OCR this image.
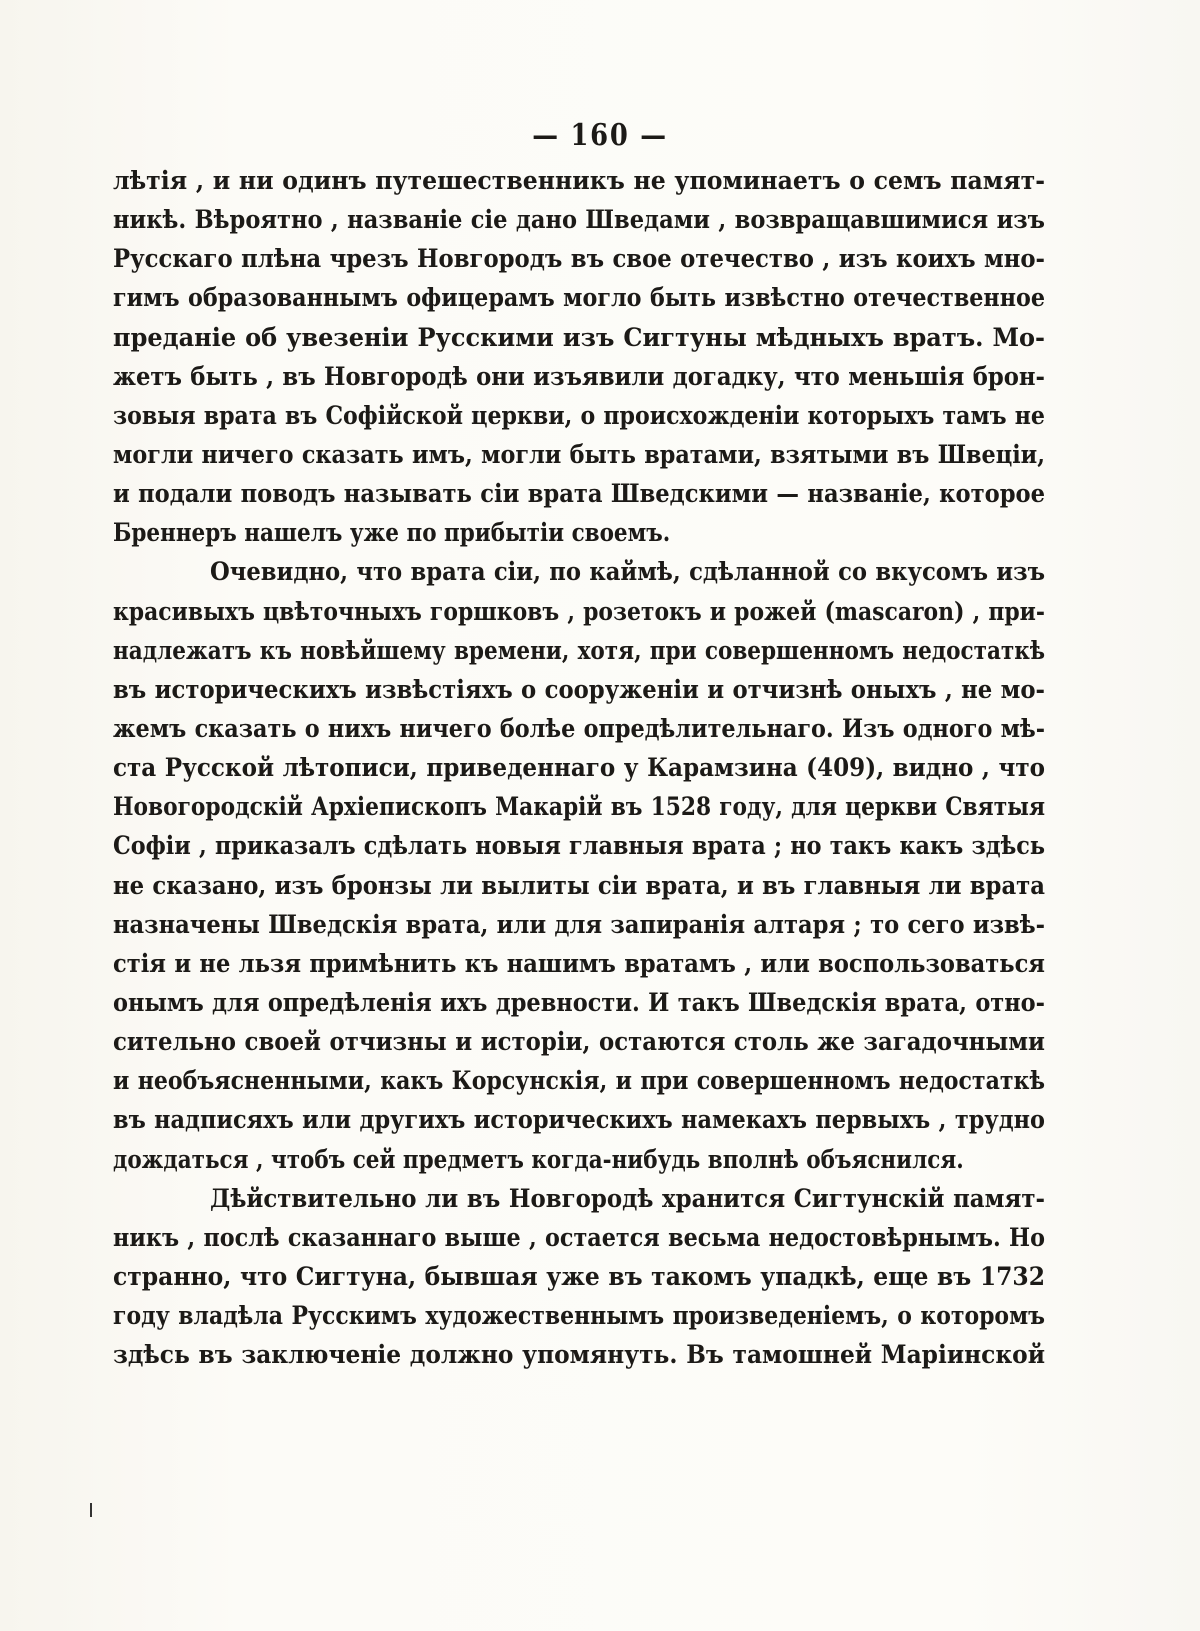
— 160 —
лѣтія , и ни одинъ путешественникъ не упоминаетъ о семъ памят-
никѣ. Вѣроятно , названіе сіе дано Шведами , возвращавшимися изъ
Русскаго плѣна чрезъ Новгородъ въ свое отечество , изъ коихъ мно-
гимъ образованнымъ офицерамъ могло быть извѣстно отечественное
преданіе об увезеніи Русскими изъ Сигтуны мѣдныхъ вратъ. Мо-
жетъ быть , въ Новгородѣ они изъявили догадку, что меньшія брон-
зовыя врата въ Софійской церкви, о происхожденіи которыхъ тамъ не
могли ничего сказать имъ, могли быть вратами, взятыми въ Швеціи,
и подали поводъ называть сіи врата Шведскими — названіе, которое
Бреннеръ нашелъ уже по прибытіи своемъ.
Очевидно, что врата сіи, по каймѣ, сдѣланной со вкусомъ изъ
красивыхъ цвѣточныхъ горшковъ , розетокъ и рожей (mascaron) , при-
надлежатъ къ новѣйшему времени, хотя, при совершенномъ недостаткѣ
въ историческихъ извѣстіяхъ о сооруженіи и отчизнѣ оныхъ , не мо-
жемъ сказать о нихъ ничего болѣе опредѣлительнаго. Изъ одного мѣ-
ста Русской лѣтописи, приведеннаго у Карамзина (409), видно , что
Новогородскій Архіепископъ Макарій въ 1528 году, для церкви Святыя
Софіи , приказалъ сдѣлать новыя главныя врата ; но такъ какъ здѣсь
не сказано, изъ бронзы ли вылиты сіи врата, и въ главныя ли врата
назначены Шведскія врата, или для запиранія алтаря ; то сего извѣ-
стія и не льзя примѣнить къ нашимъ вратамъ , или воспользоваться
онымъ для опредѣленія ихъ древности. И такъ Шведскія врата, отно-
сительно своей отчизны и исторіи, остаются столь же загадочными
и необъясненными, какъ Корсунскія, и при совершенномъ недостаткѣ
въ надписяхъ или другихъ историческихъ намекахъ первыхъ , трудно
дождаться , чтобъ сей предметъ когда-нибудь вполнѣ объяснился.
Дѣйствительно ли въ Новгородѣ хранится Сигтунскій памят-
никъ , послѣ сказаннаго выше , остается весьма недостовѣрнымъ. Но
странно, что Сигтуна, бывшая уже въ такомъ упадкѣ, еще въ 1732
году владѣла Русскимъ художественнымъ произведеніемъ, о которомъ
здѣсь въ заключеніе должно упомянуть. Въ тамошней Маріинской
